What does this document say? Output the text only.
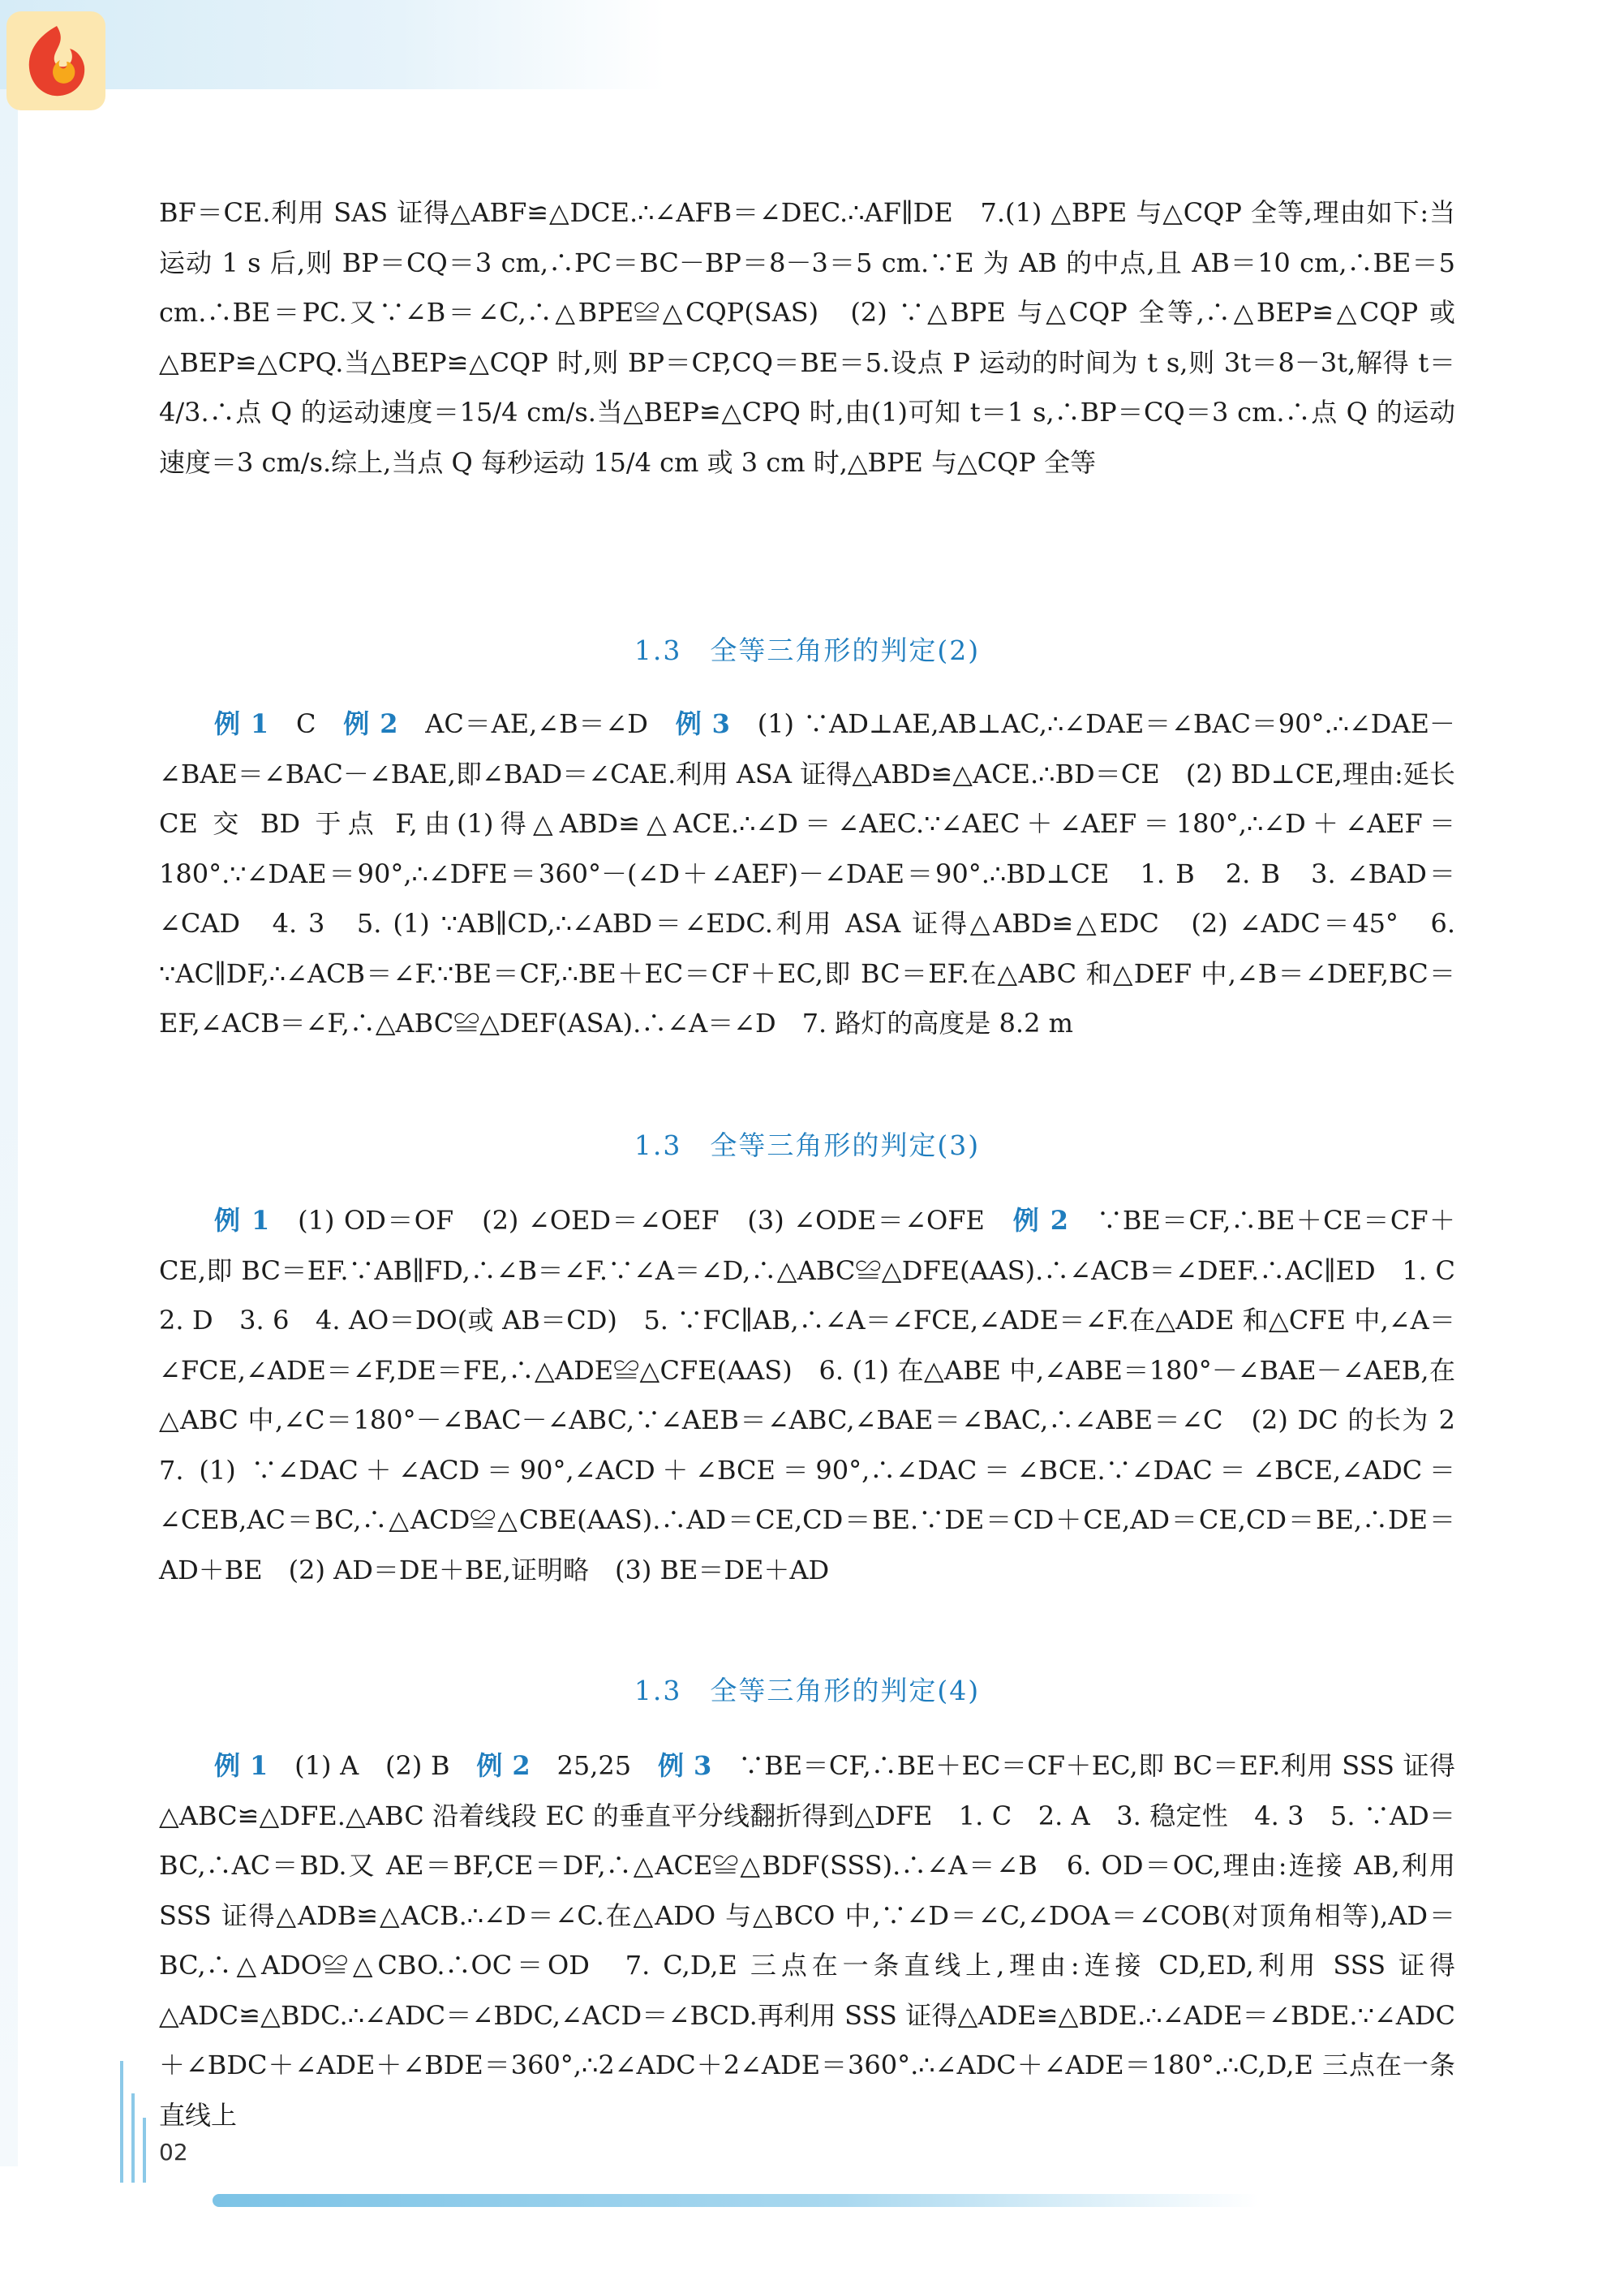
BF＝CE.利用 SAS 证得△ABF≌△DCE.∴∠AFB＝∠DEC.∴AF∥DE　7.(1) △BPE 与△CQP 全等,理由如下:当运动 1 s 后,则 BP＝CQ＝3 cm,∴PC＝BC－BP＝8－3＝5 cm.∵E 为 AB 的中点,且 AB＝10 cm,∴BE＝5 cm.∴BE＝PC.又∵∠B＝∠C,∴△BPE≌△CQP(SAS)　(2) ∵△BPE 与△CQP 全等,∴△BEP≌△CQP 或△BEP≌△CPQ.当△BEP≌△CQP 时,则 BP＝CP,CQ＝BE＝5.设点 P 运动的时间为 t s,则 3t＝8－3t,解得 t＝4/3.∴点 Q 的运动速度＝15/4 cm/s.当△BEP≌△CPQ 时,由(1)可知 t＝1 s,∴BP＝CQ＝3 cm.∴点 Q 的运动速度＝3 cm/s.综上,当点 Q 每秒运动 15/4 cm 或 3 cm 时,△BPE 与△CQP 全等

1.3　全等三角形的判定(2)

例 1　C　例 2　AC＝AE,∠B＝∠D　例 3　(1) ∵AD⊥AE,AB⊥AC,∴∠DAE＝∠BAC＝90°.∴∠DAE－∠BAE＝∠BAC－∠BAE,即∠BAD＝∠CAE.利用 ASA 证得△ABD≌△ACE.∴BD＝CE　(2) BD⊥CE,理由:延长 CE 交 BD 于点 F,由(1)得△ABD≌△ACE.∴∠D＝∠AEC.∵∠AEC＋∠AEF＝180°,∴∠D＋∠AEF＝180°.∵∠DAE＝90°,∴∠DFE＝360°－(∠D＋∠AEF)－∠DAE＝90°.∴BD⊥CE　1. B　2. B　3. ∠BAD＝∠CAD　4. 3　5. (1) ∵AB∥CD,∴∠ABD＝∠EDC.利用 ASA 证得△ABD≌△EDC　(2) ∠ADC＝45°　6. ∵AC∥DF,∴∠ACB＝∠F.∵BE＝CF,∴BE＋EC＝CF＋EC,即 BC＝EF.在△ABC 和△DEF 中,∠B＝∠DEF,BC＝EF,∠ACB＝∠F,∴△ABC≌△DEF(ASA).∴∠A＝∠D　7. 路灯的高度是 8.2 m

1.3　全等三角形的判定(3)

例 1　(1) OD＝OF　(2) ∠OED＝∠OEF　(3) ∠ODE＝∠OFE　例 2　∵BE＝CF,∴BE＋CE＝CF＋CE,即 BC＝EF.∵AB∥FD,∴∠B＝∠F.∵∠A＝∠D,∴△ABC≌△DFE(AAS).∴∠ACB＝∠DEF.∴AC∥ED　1. C　2. D　3. 6　4. AO＝DO(或 AB＝CD)　5. ∵FC∥AB,∴∠A＝∠FCE,∠ADE＝∠F.在△ADE 和△CFE 中,∠A＝∠FCE,∠ADE＝∠F,DE＝FE,∴△ADE≌△CFE(AAS)　6. (1) 在△ABE 中,∠ABE＝180°－∠BAE－∠AEB,在△ABC 中,∠C＝180°－∠BAC－∠ABC,∵∠AEB＝∠ABC,∠BAE＝∠BAC,∴∠ABE＝∠C　(2) DC 的长为 2　7. (1) ∵∠DAC＋∠ACD＝90°,∠ACD＋∠BCE＝90°,∴∠DAC＝∠BCE.∵∠DAC＝∠BCE,∠ADC＝∠CEB,AC＝BC,∴△ACD≌△CBE(AAS).∴AD＝CE,CD＝BE.∵DE＝CD＋CE,AD＝CE,CD＝BE,∴DE＝AD＋BE　(2) AD＝DE＋BE,证明略　(3) BE＝DE＋AD

1.3　全等三角形的判定(4)

例 1　(1) A　(2) B　例 2　25,25　例 3　∵BE＝CF,∴BE＋EC＝CF＋EC,即 BC＝EF.利用 SSS 证得△ABC≌△DFE.△ABC 沿着线段 EC 的垂直平分线翻折得到△DFE　1. C　2. A　3. 稳定性　4. 3　5. ∵AD＝BC,∴AC＝BD.又 AE＝BF,CE＝DF,∴△ACE≌△BDF(SSS).∴∠A＝∠B　6. OD＝OC,理由:连接 AB,利用 SSS 证得△ADB≌△ACB.∴∠D＝∠C.在△ADO 与△BCO 中,∵∠D＝∠C,∠DOA＝∠COB(对顶角相等),AD＝BC,∴△ADO≌△CBO.∴OC＝OD　7. C,D,E 三点在一条直线上,理由:连接 CD,ED,利用 SSS 证得△ADC≌△BDC.∴∠ADC＝∠BDC,∠ACD＝∠BCD.再利用 SSS 证得△ADE≌△BDE.∴∠ADE＝∠BDE.∵∠ADC＋∠BDC＋∠ADE＋∠BDE＝360°,∴2∠ADC＋2∠ADE＝360°.∴∠ADC＋∠ADE＝180°.∴C,D,E 三点在一条直线上

02
